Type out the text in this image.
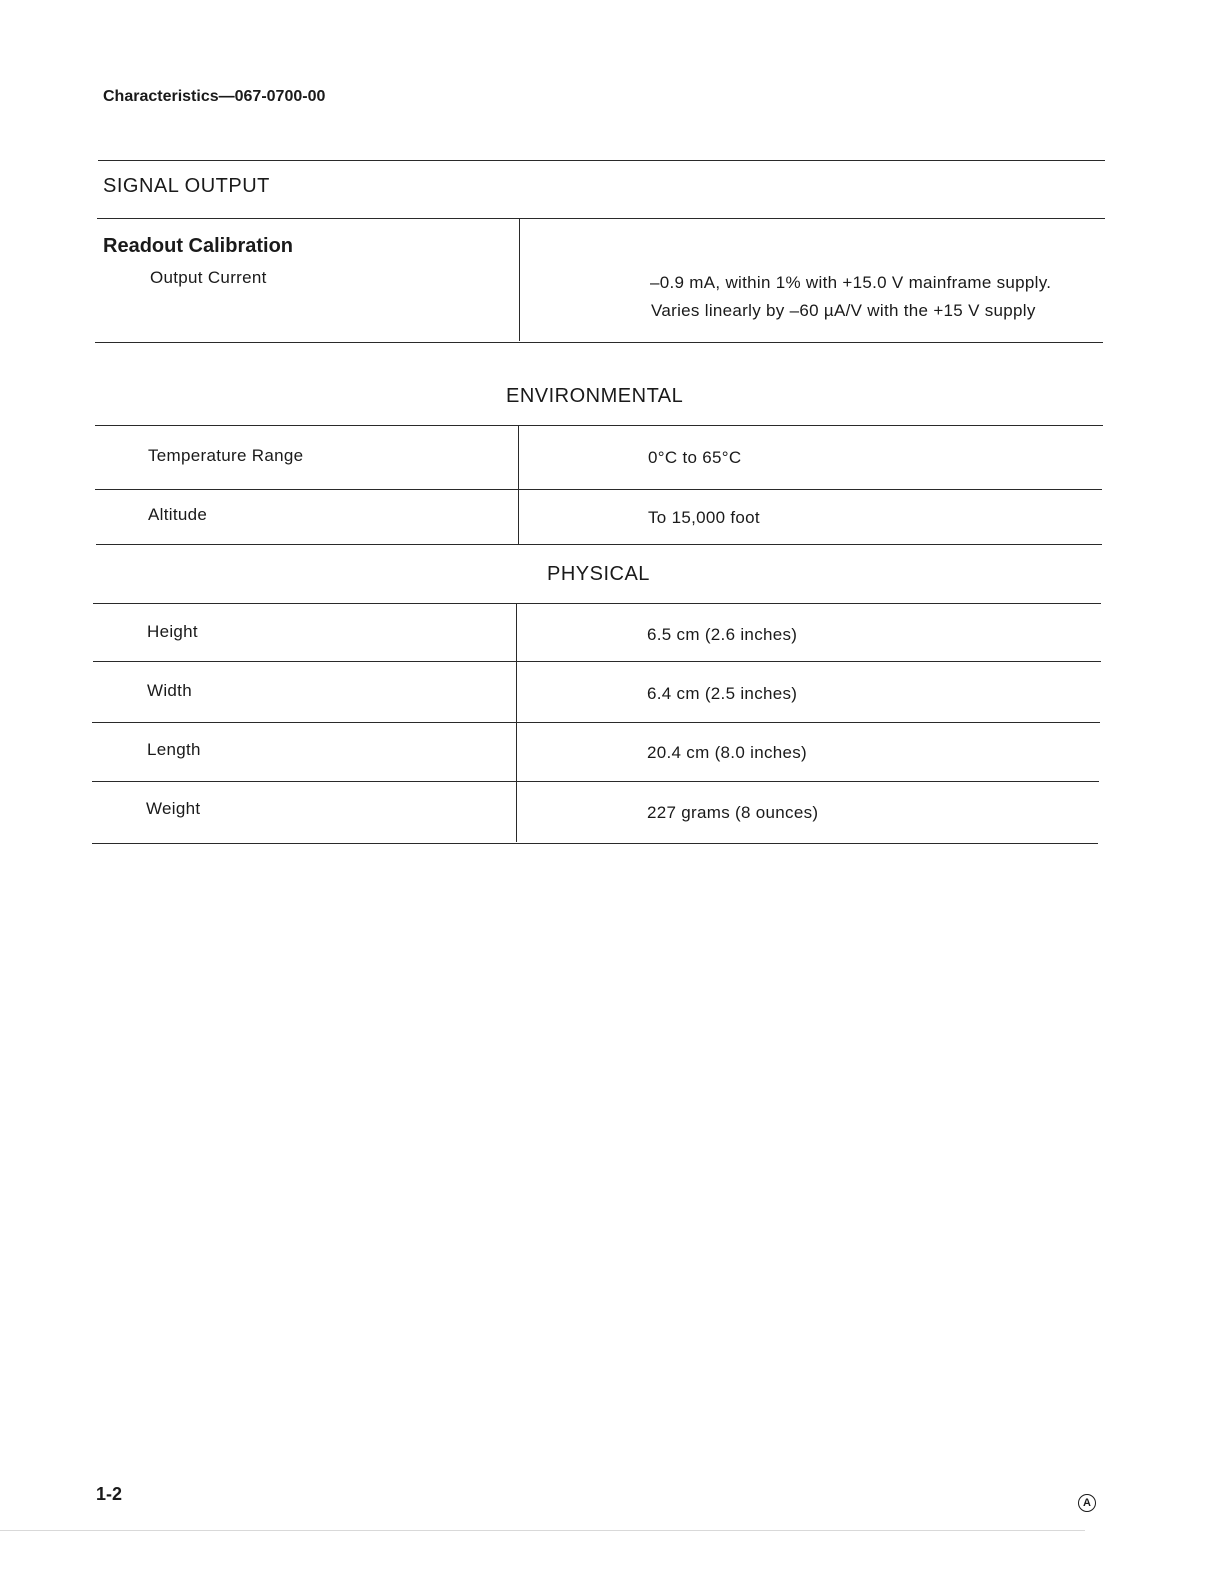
Characteristics—067-0700-00
SIGNAL OUTPUT
Readout Calibration
Output Current	–0.9 mA, within 1% with +15.0 V mainframe supply.
Varies linearly by –60 µA/V with the +15 V supply
ENVIRONMENTAL
Temperature Range	0°C to 65°C
Altitude	To 15,000 foot
PHYSICAL
Height	6.5 cm (2.6 inches)
Width	6.4 cm (2.5 inches)
Length	20.4 cm (8.0 inches)
Weight	227 grams (8 ounces)
1-2	A
